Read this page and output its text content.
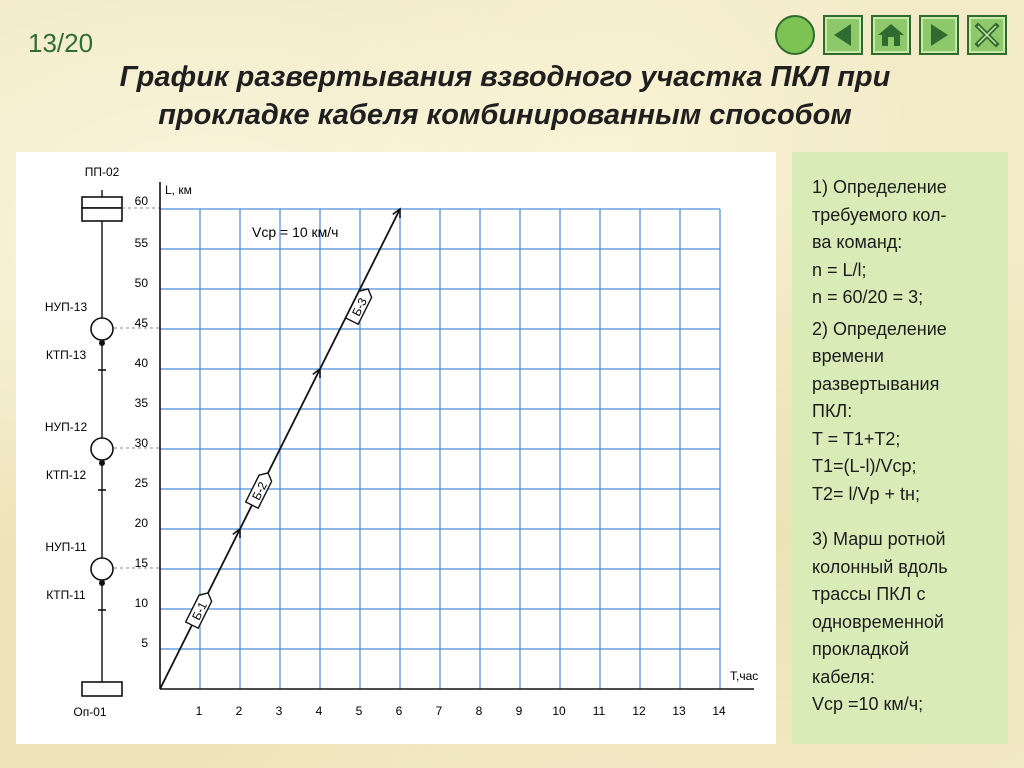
13/20
График развертывания взводного участка ПКЛ при
прокладке кабеля комбинированным способом
ПП-02
НУП-13
КТП-13
НУП-12
КТП-12
НУП-11
КТП-11
Оп-01
T,час
L, км
1	2	3	4	5	6	7	8	9 10 11 12 13 14
5
10
15
20
25
30
35
40
45
50
55
60
Vср = 10 км/ч
Б-1
Б-2
Б-3
1) Определение
требуемого кол-
ва команд:
n = L/l;
n = 60/20 = 3;
2) Определение
времени
развертывания
ПКЛ:
T = T1+T2;
T1=(L-l)/Vср;
T2= l/Vр + tн;
3) Марш ротной
колонный вдоль
трассы ПКЛ с
одновременной
прокладкой
кабеля:
Vср =10 км/ч;
